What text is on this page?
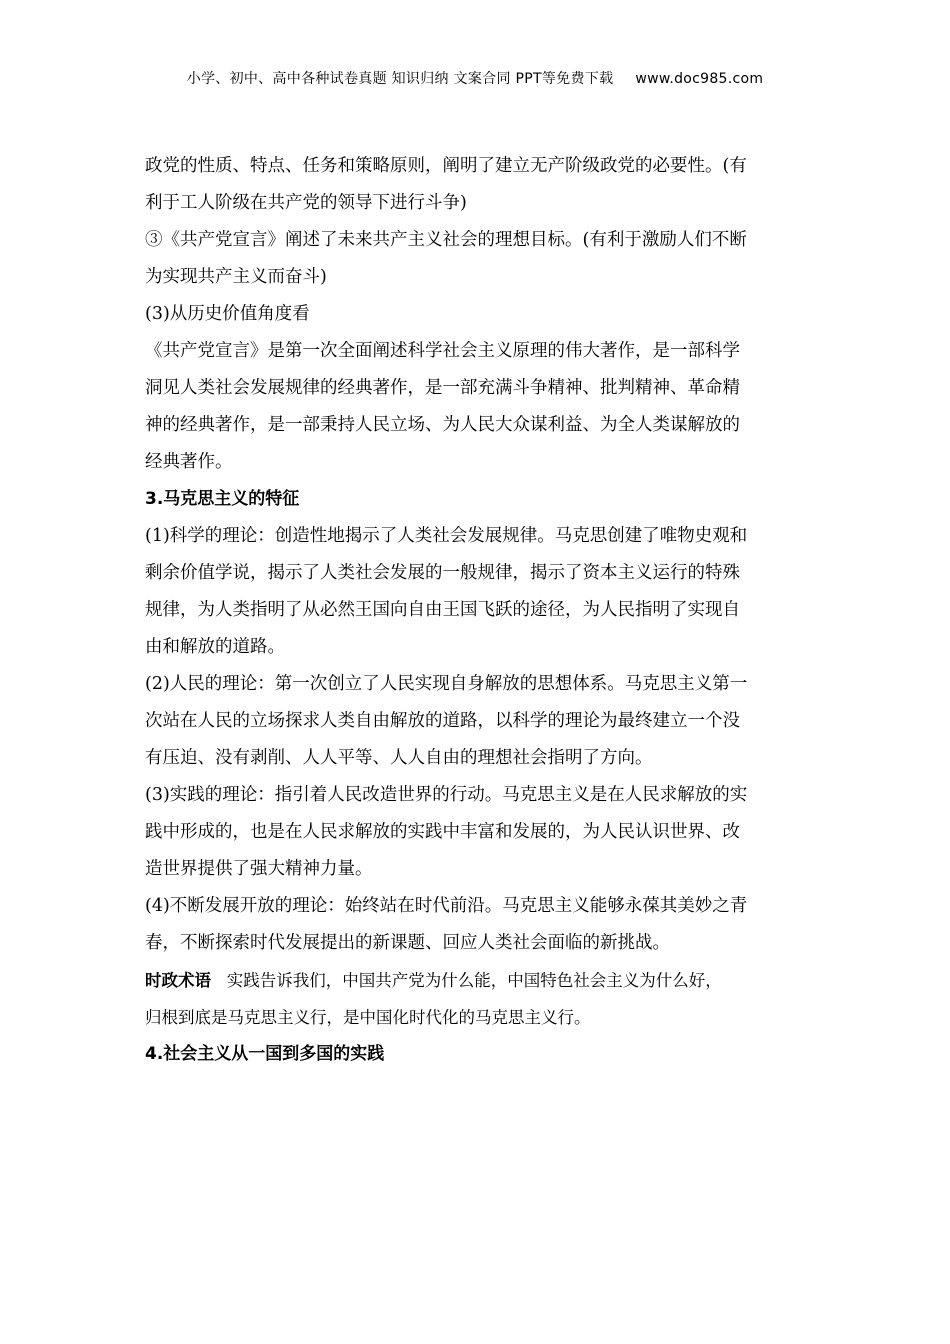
小学、初中、高中各种试卷真题 知识归纳 文案合同 PPT等免费下载 www.doc985.com
政党的性质、特点、任务和策略原则，阐明了建立无产阶级政党的必要性。(有
利于工人阶级在共产党的领导下进行斗争)
③《共产党宣言》阐述了未来共产主义社会的理想目标。(有利于激励人们不断
为实现共产主义而奋斗)
(3)从历史价值角度看
《共产党宣言》是第一次全面阐述科学社会主义原理的伟大著作，是一部科学
洞见人类社会发展规律的经典著作，是一部充满斗争精神、批判精神、革命精
神的经典著作，是一部秉持人民立场、为人民大众谋利益、为全人类谋解放的
经典著作。
3.马克思主义的特征
(1)科学的理论：创造性地揭示了人类社会发展规律。马克思创建了唯物史观和
剩余价值学说，揭示了人类社会发展的一般规律，揭示了资本主义运行的特殊
规律，为人类指明了从必然王国向自由王国飞跃的途径，为人民指明了实现自
由和解放的道路。
(2)人民的理论：第一次创立了人民实现自身解放的思想体系。马克思主义第一
次站在人民的立场探求人类自由解放的道路，以科学的理论为最终建立一个没
有压迫、没有剥削、人人平等、人人自由的理想社会指明了方向。
(3)实践的理论：指引着人民改造世界的行动。马克思主义是在人民求解放的实
践中形成的，也是在人民求解放的实践中丰富和发展的，为人民认识世界、改
造世界提供了强大精神力量。
(4)不断发展开放的理论：始终站在时代前沿。马克思主义能够永葆其美妙之青
春，不断探索时代发展提出的新课题、回应人类社会面临的新挑战。
时政术语 实践告诉我们，中国共产党为什么能，中国特色社会主义为什么好，
归根到底是马克思主义行，是中国化时代化的马克思主义行。
4.社会主义从一国到多国的实践
